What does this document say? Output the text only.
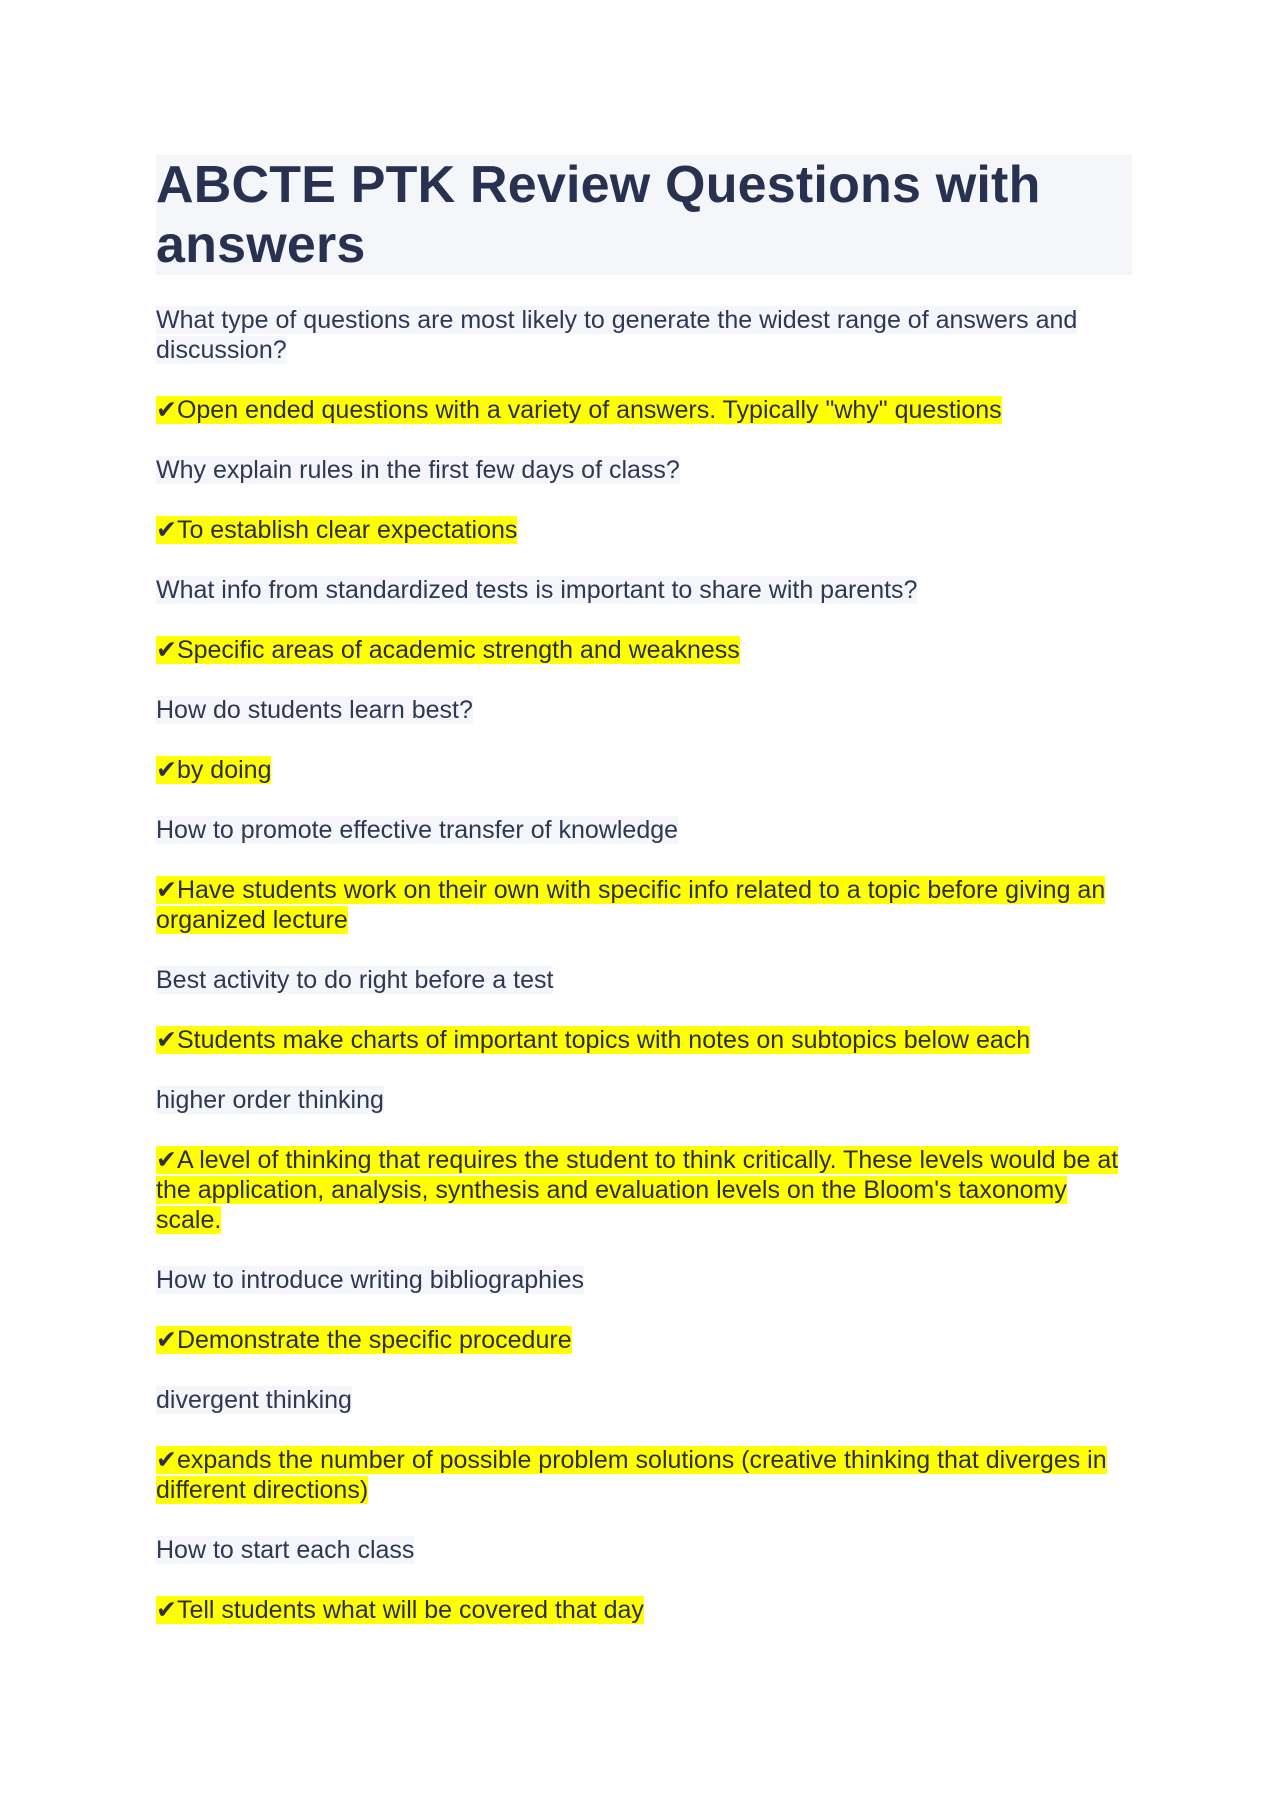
ABCTE PTK Review Questions with answers

What type of questions are most likely to generate the widest range of answers and discussion?

✔Open ended questions with a variety of answers. Typically "why" questions

Why explain rules in the first few days of class?

✔To establish clear expectations

What info from standardized tests is important to share with parents?

✔Specific areas of academic strength and weakness

How do students learn best?

✔by doing

How to promote effective transfer of knowledge

✔Have students work on their own with specific info related to a topic before giving an organized lecture

Best activity to do right before a test

✔Students make charts of important topics with notes on subtopics below each

higher order thinking

✔A level of thinking that requires the student to think critically. These levels would be at the application, analysis, synthesis and evaluation levels on the Bloom's taxonomy scale.

How to introduce writing bibliographies

✔Demonstrate the specific procedure

divergent thinking

✔expands the number of possible problem solutions (creative thinking that diverges in different directions)

How to start each class

✔Tell students what will be covered that day
